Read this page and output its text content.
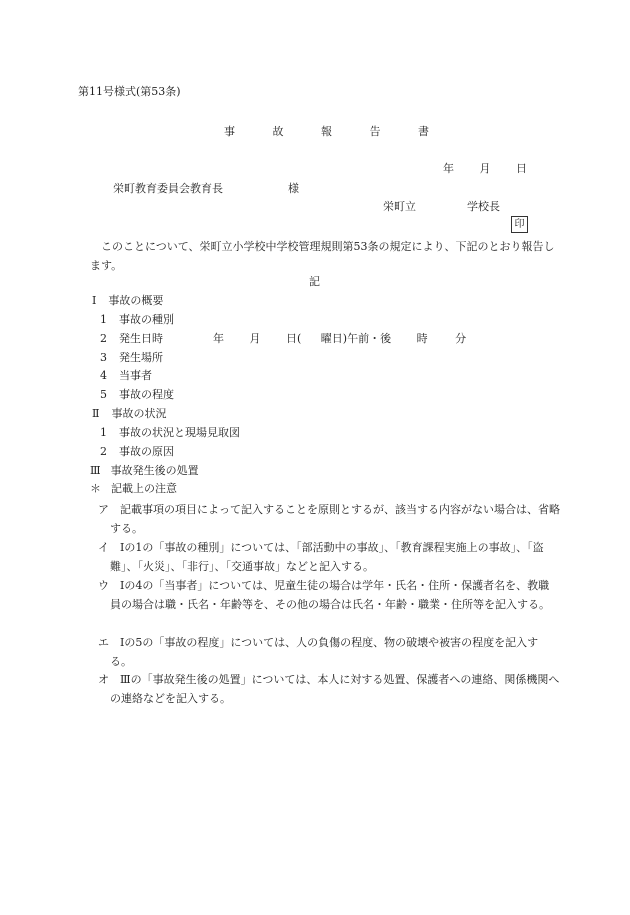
第11号様式(第53条)
事	故	報	告	書
年 月 日
栄町教育委員会教育長	様
栄町立	学校長
印
このことについて、栄町立小学校中学校管理規則第53条の規定により、下記のとおり報告します。
記
Ⅰ 事故の概要
1 事故の種別
2 発生日時	年 月 日( 曜日)午前・後 時	分
3 発生場所
4 当事者
5 事故の程度
Ⅱ 事故の状況
1 事故の状況と現場見取図
2 事故の原因
Ⅲ 事故発生後の処置
＊ 記載上の注意
ア	記載事項の項目によって記入することを原則とするが、該当する内容がない場合は、省略する。
イ	Ⅰの1の「事故の種別」については、「部活動中の事故」、「教育課程実施上の事故」、「盗難」、「火災」、「非行」、「交通事故」などと記入する。
ウ	Ⅰの4の「当事者」については、児童生徒の場合は学年・氏名・住所・保護者名を、教職員の場合は職・氏名・年齢等を、その他の場合は氏名・年齢・職業・住所等を記入する。
エ	Ⅰの5の「事故の程度」については、人の負傷の程度、物の破壊や被害の程度を記入する。
オ	Ⅲの「事故発生後の処置」については、本人に対する処置、保護者への連絡、関係機関への連絡などを記入する。
